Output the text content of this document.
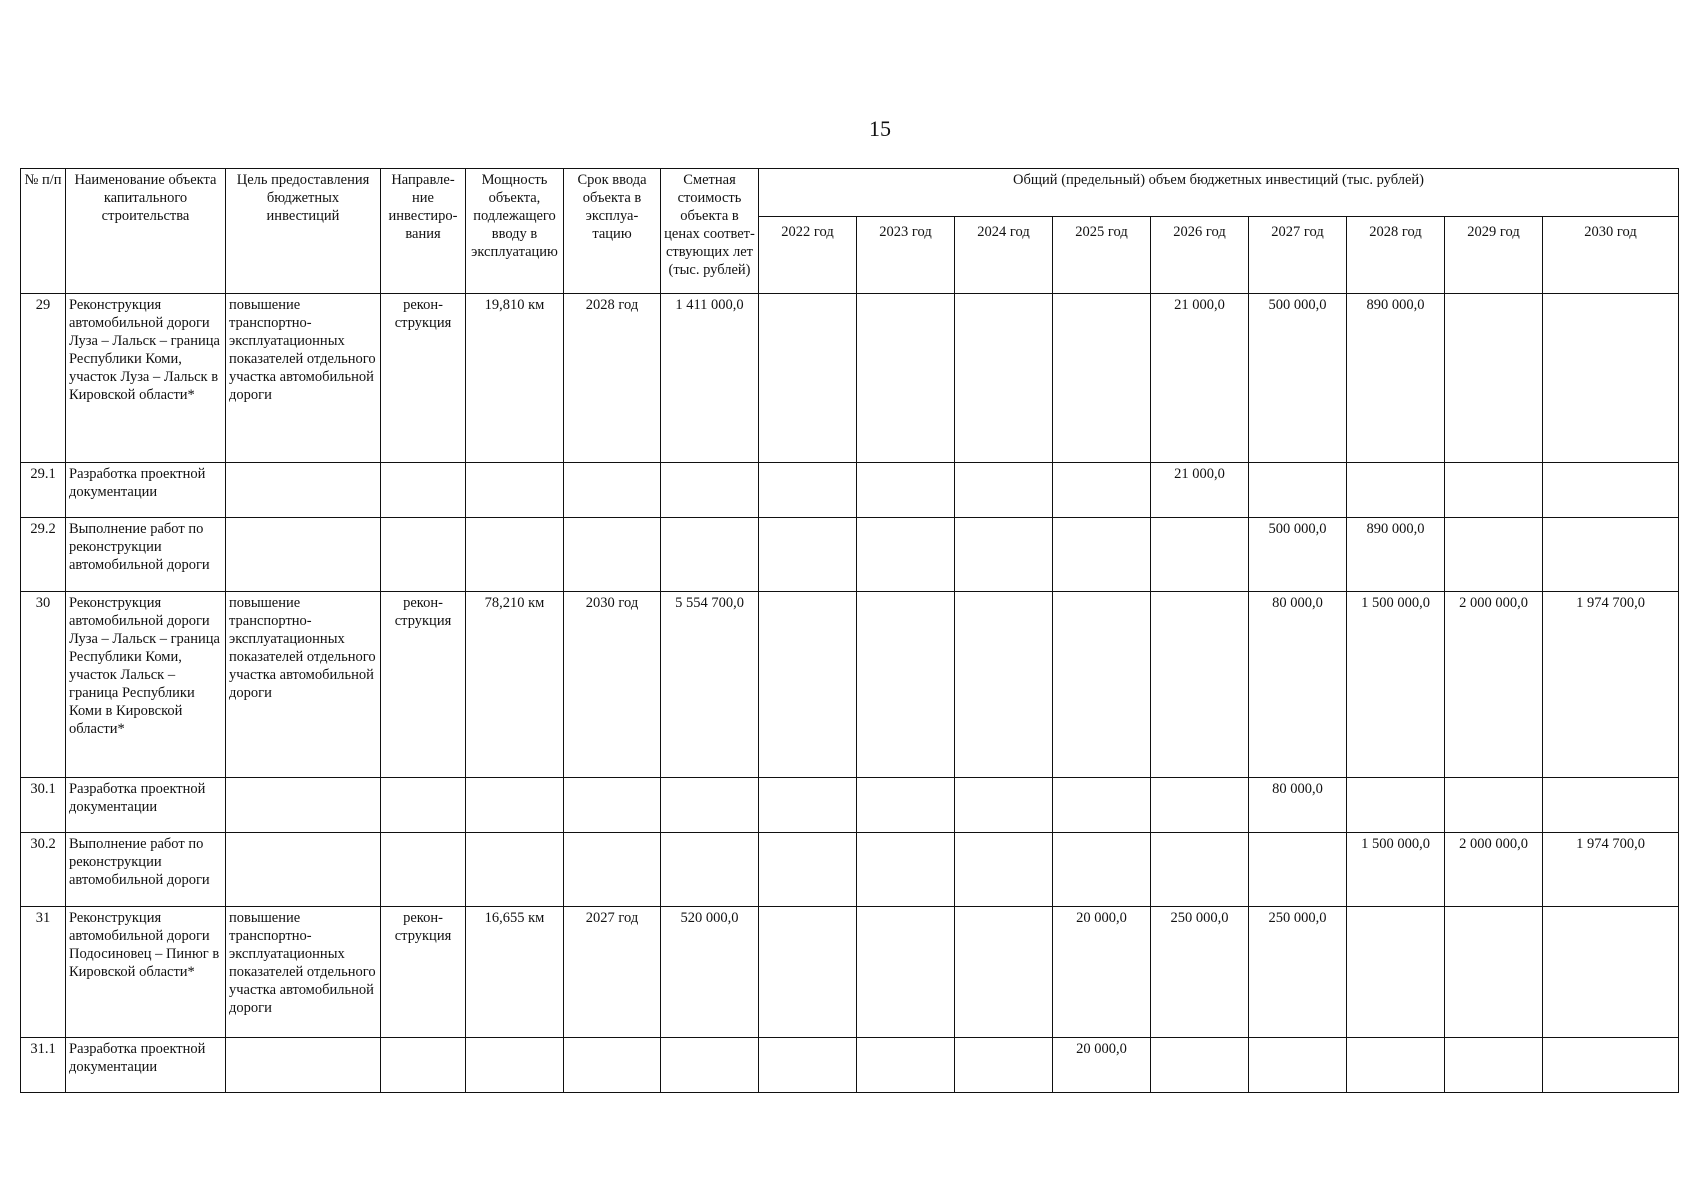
15
№ п/п	Наименование объекта капитального строительства	Цель предоставления бюджетных инвестиций	Направле-ние инвестиро-вания	Мощность объекта, подлежащего вводу в эксплуатацию	Срок ввода объекта в эксплуа-тацию	Сметная стоимость объекта в ценах соответ-ствующих лет (тыс. рублей)	Общий (предельный) объем бюджетных инвестиций (тыс. рублей)								
							2022 год	2023 год	2024 год	2025 год	2026 год	2027 год	2028 год	2029 год	2030 год
29	Реконструкция автомобильной дороги Луза – Лальск – граница Республики Коми, участок Луза – Лальск в Кировской области*	повышение транспортно-эксплуатационных показателей отдельного участка автомобильной дороги	рекон-струкция	19,810 км	2028 год	1 411 000,0					21 000,0	500 000,0	890 000,0		
29.1	Разработка проектной документации										21 000,0				
29.2	Выполнение работ по реконструкции автомобильной дороги											500 000,0	890 000,0		
30	Реконструкция автомобильной дороги Луза – Лальск – граница Республики Коми, участок Лальск – граница Республики Коми в Кировской области*	повышение транспортно-эксплуатационных показателей отдельного участка автомобильной дороги	рекон-струкция	78,210 км	2030 год	5 554 700,0						80 000,0	1 500 000,0	2 000 000,0	1 974 700,0
30.1	Разработка проектной документации											80 000,0			
30.2	Выполнение работ по реконструкции автомобильной дороги												1 500 000,0	2 000 000,0	1 974 700,0
31	Реконструкция автомобильной дороги Подосиновец – Пинюг в Кировской области*	повышение транспортно-эксплуатационных показателей отдельного участка автомобильной дороги	рекон-струкция	16,655 км	2027 год	520 000,0				20 000,0	250 000,0	250 000,0			
31.1	Разработка проектной документации									20 000,0					
